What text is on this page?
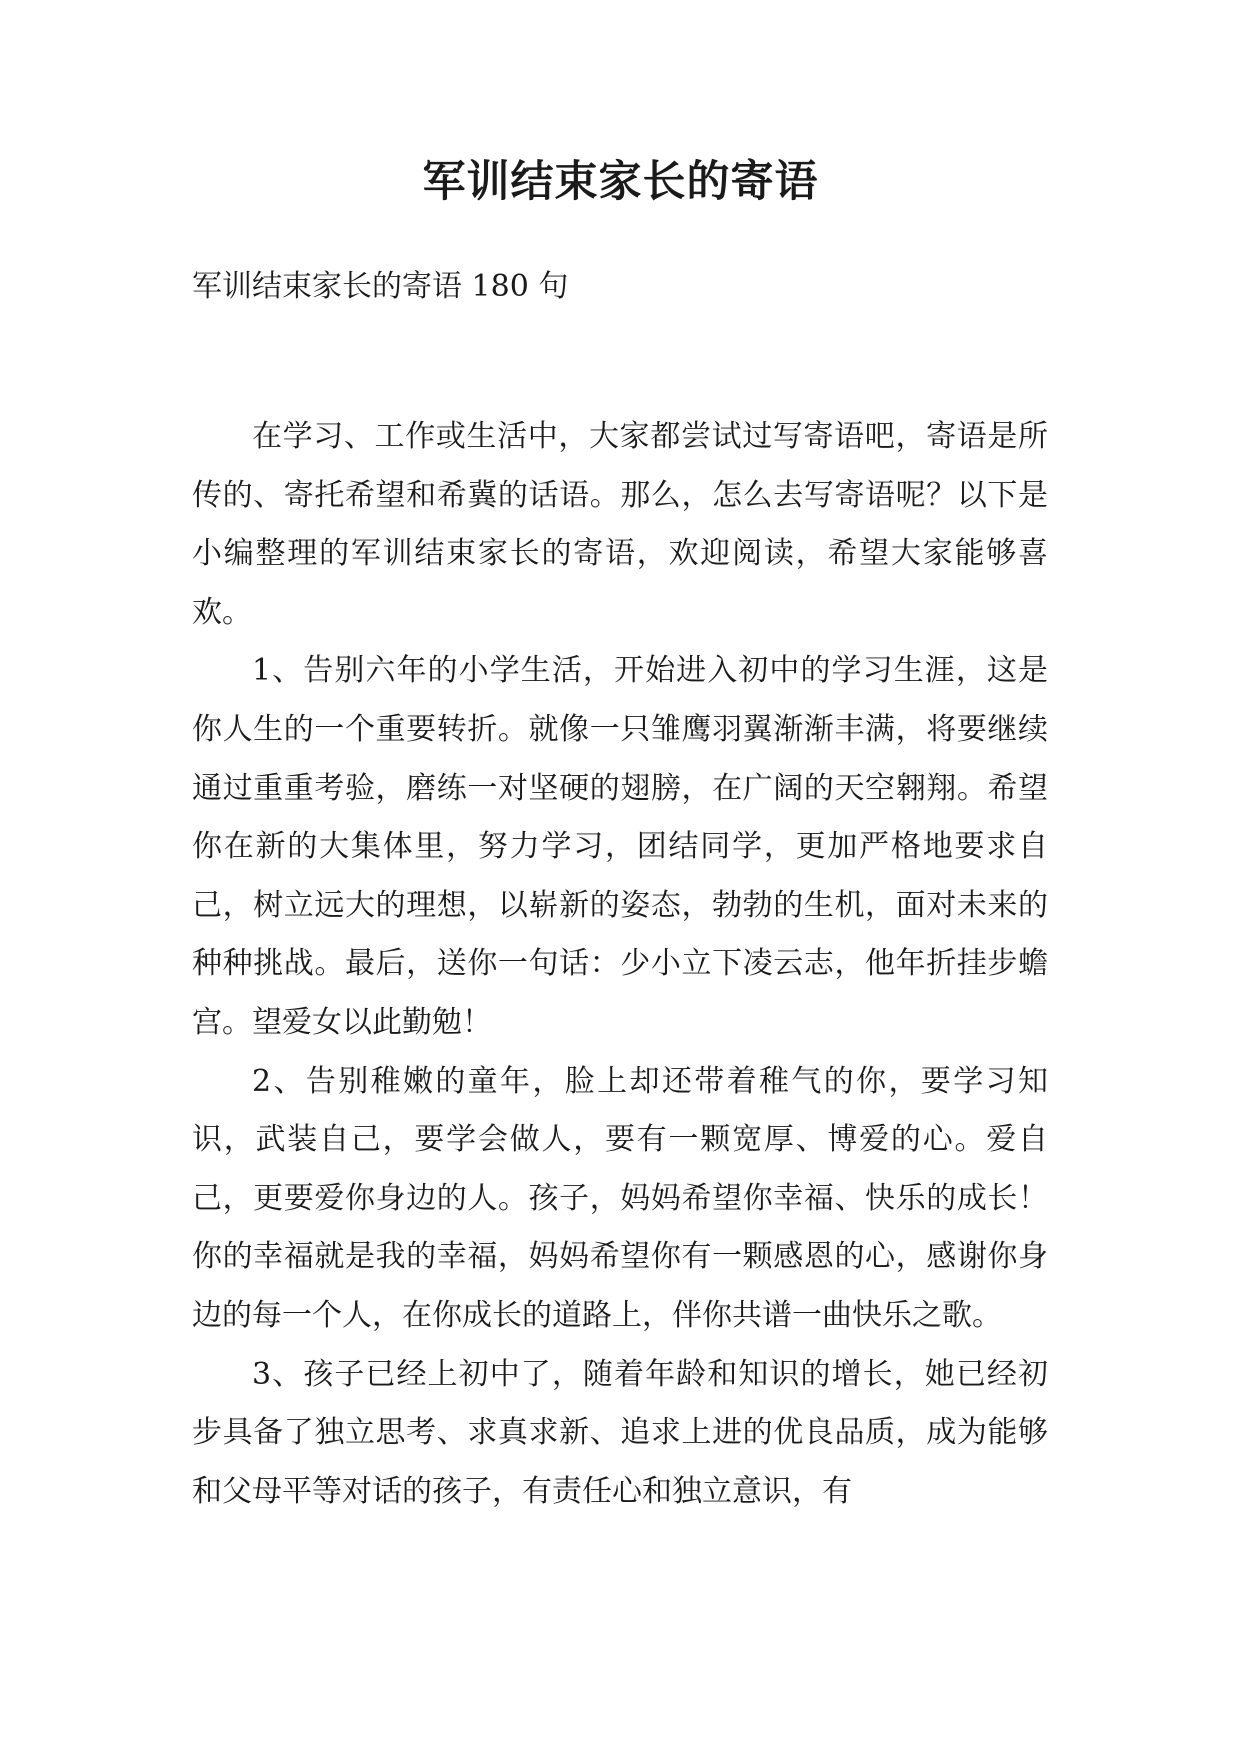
军训结束家长的寄语

军训结束家长的寄语 180 句

在学习、工作或生活中，大家都尝试过写寄语吧，寄语是所传的、寄托希望和希冀的话语。那么，怎么去写寄语呢？以下是小编整理的军训结束家长的寄语，欢迎阅读，希望大家能够喜欢。

1、告别六年的小学生活，开始进入初中的学习生涯，这是你人生的一个重要转折。就像一只雏鹰羽翼渐渐丰满，将要继续通过重重考验，磨练一对坚硬的翅膀，在广阔的天空翱翔。希望你在新的大集体里，努力学习，团结同学，更加严格地要求自己，树立远大的理想，以崭新的姿态，勃勃的生机，面对未来的种种挑战。最后，送你一句话：少小立下凌云志，他年折挂步蟾宫。望爱女以此勤勉！

2、告别稚嫩的童年，脸上却还带着稚气的你，要学习知识，武装自己，要学会做人，要有一颗宽厚、博爱的心。爱自己，更要爱你身边的人。孩子，妈妈希望你幸福、快乐的成长！你的幸福就是我的幸福，妈妈希望你有一颗感恩的心，感谢你身边的每一个人，在你成长的道路上，伴你共谱一曲快乐之歌。

3、孩子已经上初中了，随着年龄和知识的增长，她已经初步具备了独立思考、求真求新、追求上进的优良品质，成为能够和父母平等对话的孩子，有责任心和独立意识，有
